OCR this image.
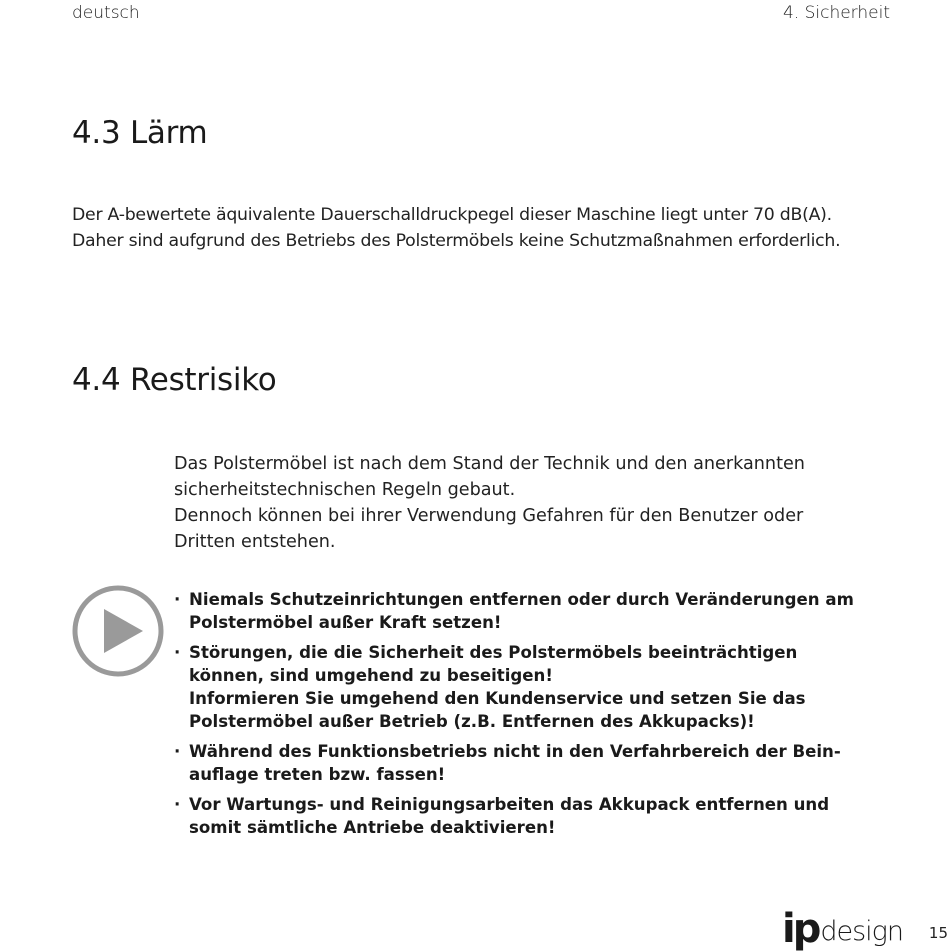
deutsch	4. Sicherheit
4.3 Lärm

Der A-bewertete äquivalente Dauerschalldruckpegel dieser Maschine liegt unter 70 dB(A).
Daher sind aufgrund des Betriebs des Polstermöbels keine Schutzmaßnahmen erforderlich.

4.4 Restrisiko

Das Polstermöbel ist nach dem Stand der Technik und den anerkannten
sicherheitstechnischen Regeln gebaut.
Dennoch können bei ihrer Verwendung Gefahren für den Benutzer oder
Dritten entstehen.

· Niemals Schutzeinrichtungen entfernen oder durch Veränderungen am
Polstermöbel außer Kraft setzen!
· Störungen, die die Sicherheit des Polstermöbels beeinträchtigen
können, sind umgehend zu beseitigen!
Informieren Sie umgehend den Kundenservice und setzen Sie das
Polstermöbel außer Betrieb (z.B. Entfernen des Akkupacks)!
· Während des Funktionsbetriebs nicht in den Verfahrbereich der Bein-
auflage treten bzw. fassen!
· Vor Wartungs- und Reinigungsarbeiten das Akkupack entfernen und
somit sämtliche Antriebe deaktivieren!
ip design 15
